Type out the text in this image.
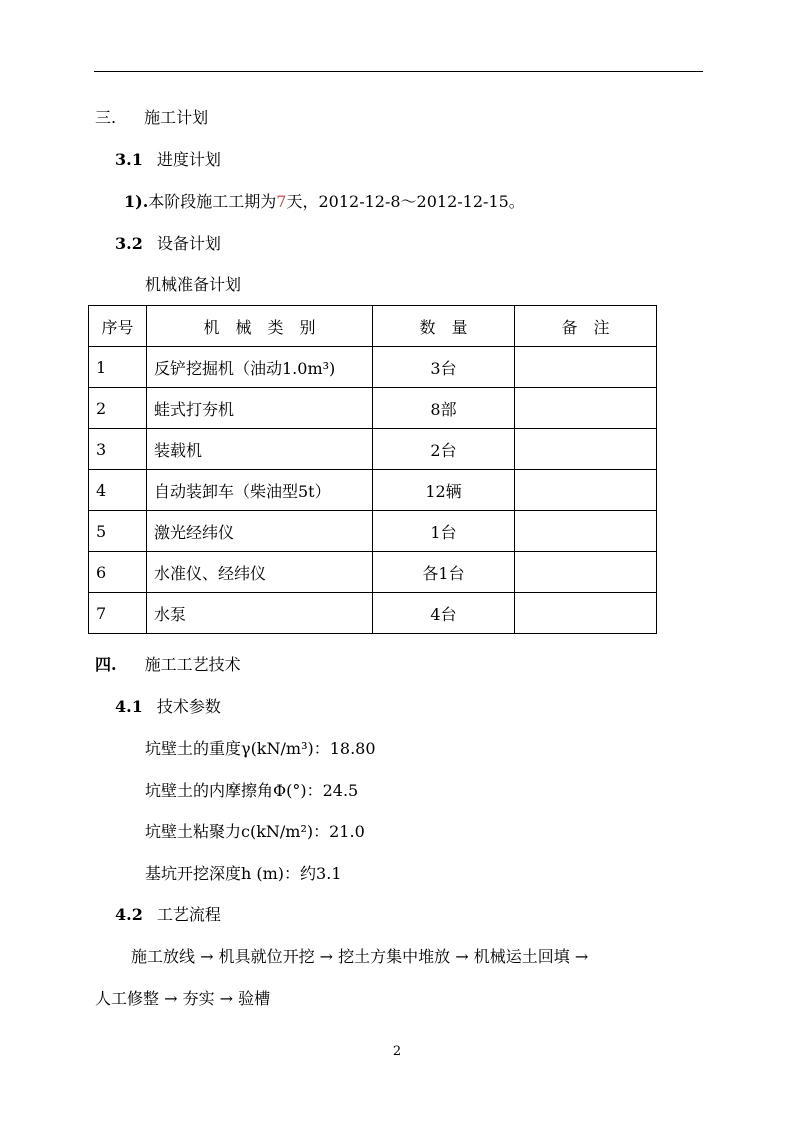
三. 施工计划
3.1 进度计划
1).本阶段施工工期为7天，2012-12-8～2012-12-15。
3.2 设备计划
机械准备计划
序号	机　械　类　别	数　量	备　注
1	反铲挖掘机（油动1.0m³)	3台	
2	蛙式打夯机	8部	
3	装载机	2台	
4	自动装卸车（柴油型5t）	12辆	
5	激光经纬仪	1台	
6	水准仪、经纬仪	各1台	
7	水泵	4台	
四. 施工工艺技术
4.1 技术参数
坑壁土的重度γ(kN/m³)：18.80
坑壁土的内摩擦角Φ(°)：24.5
坑壁土粘聚力c(kN/m²)：21.0
基坑开挖深度h (m)：约3.1
4.2 工艺流程
施工放线 → 机具就位开挖 → 挖土方集中堆放 → 机械运土回填 →
人工修整 → 夯实 → 验槽
2
